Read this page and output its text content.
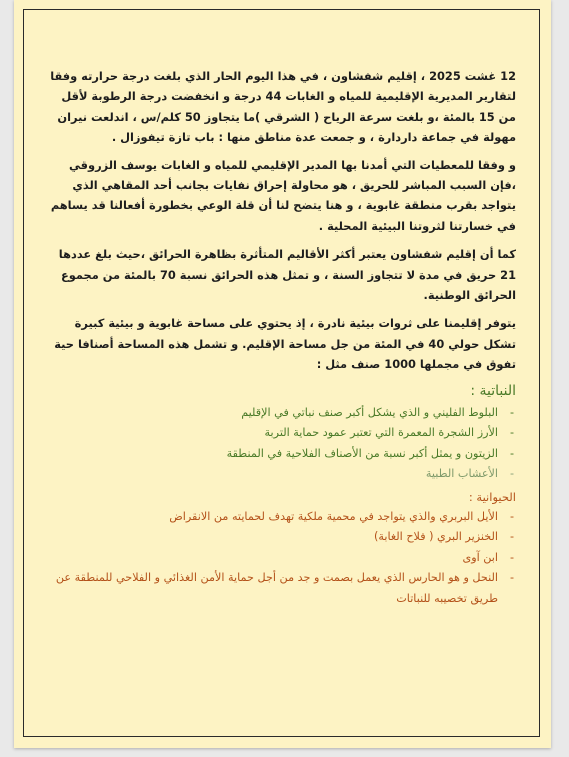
12 غشت 2025 ، إقليم شفشاون ، في هذا اليوم الحار الذي بلغت درجة حرارته وفقا لتقارير المديرية الإقليمية للمياه و الغابات 44 درجة و انخفضت درجة الرطوبة لأقل من 15 بالمئة ،و بلغت سرعة الرياح ( الشرقي )ما يتجاوز 50 كلم/س ، اندلعت نيران مهولة في جماعة داردارة ، و جمعت عدة مناطق منها : باب تازة تيفوزال .

و وفقا للمعطيات التي أمدنا بها المدير الإقليمي للمياه و الغابات يوسف الزروقي ،فإن السبب المباشر للحريق ، هو محاولة إحراق نفايات بجانب أحد المقاهي الذي يتواجد بقرب منطقة غابوية ، و هنا يتضح لنا أن قلة الوعي بخطورة أفعالنا قد يساهم في خسارتنا لثروتنا البيئية المحلية .

كما أن إقليم شفشاون يعتبر أكثر الأقاليم المتأثرة بظاهرة الحرائق ،حيث بلغ عددها 21 حريق في مدة لا تتجاوز السنة ، و تمثل هذه الحرائق نسبة 70 بالمئة من مجموع الحرائق الوطنية.

يتوفر إقليمنا على ثروات بيئية نادرة ، إذ يحتوي على مساحة غابوية و بيئية كبيرة تشكل حولي 40 في المئة من جل مساحة الإقليم. و تشمل هذه المساحة أصنافا حية تفوق في مجملها 1000 صنف مثل :

النباتية :
- البلوط الفليني و الذي يشكل أكبر صنف نباتي في الإقليم
- الأرز الشجرة المعمرة التي تعتبر عمود حماية التربة
- الزيتون و يمثل أكبر نسبة من الأصناف الفلاحية في المنطقة
- الأعشاب الطبية
الحيوانية :
- الأيل البربري والذي يتواجد في محمية ملكية تهدف لحمايته من الانقراض
- الخنزير البري ( فلاح الغابة)
- ابن آوى
- النحل و هو الحارس الذي يعمل بصمت و جد من أجل حماية الأمن الغذائي و الفلاحي للمنطقة عن طريق تخصيبه للنباتات
